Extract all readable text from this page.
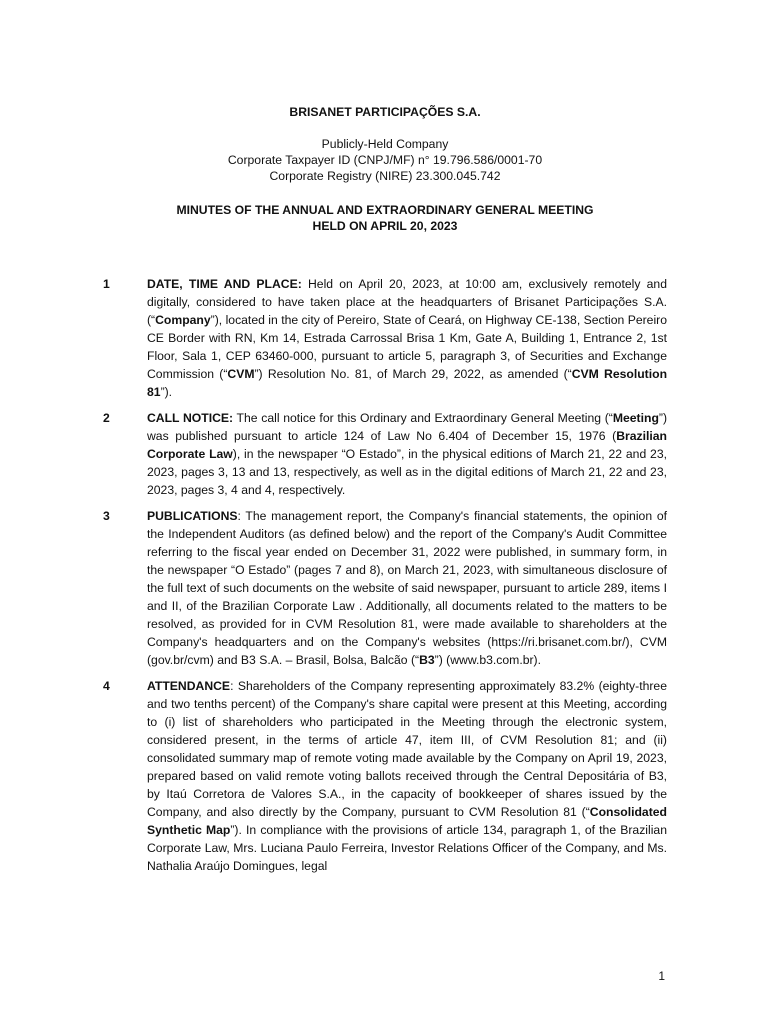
BRISANET PARTICIPAÇÕES S.A.
Publicly-Held Company
Corporate Taxpayer ID (CNPJ/MF) n° 19.796.586/0001-70
Corporate Registry (NIRE) 23.300.045.742
MINUTES OF THE ANNUAL AND EXTRAORDINARY GENERAL MEETING
HELD ON APRIL 20, 2023
1	DATE, TIME AND PLACE: Held on April 20, 2023, at 10:00 am, exclusively remotely and digitally, considered to have taken place at the headquarters of Brisanet Participações S.A. (“Company”), located in the city of Pereiro, State of Ceará, on Highway CE-138, Section Pereiro CE Border with RN, Km 14, Estrada Carrossal Brisa 1 Km, Gate A, Building 1, Entrance 2, 1st Floor, Sala 1, CEP 63460-000, pursuant to article 5, paragraph 3, of Securities and Exchange Commission (“CVM”) Resolution No. 81, of March 29, 2022, as amended (“CVM Resolution 81”).
2	CALL NOTICE: The call notice for this Ordinary and Extraordinary General Meeting (“Meeting”) was published pursuant to article 124 of Law No 6.404 of December 15, 1976 (Brazilian Corporate Law), in the newspaper “O Estado”, in the physical editions of March 21, 22 and 23, 2023, pages 3, 13 and 13, respectively, as well as in the digital editions of March 21, 22 and 23, 2023, pages 3, 4 and 4, respectively.
3	PUBLICATIONS: The management report, the Company's financial statements, the opinion of the Independent Auditors (as defined below) and the report of the Company's Audit Committee referring to the fiscal year ended on December 31, 2022 were published, in summary form, in the newspaper “O Estado” (pages 7 and 8), on March 21, 2023, with simultaneous disclosure of the full text of such documents on the website of said newspaper, pursuant to article 289, items I and II, of the Brazilian Corporate Law . Additionally, all documents related to the matters to be resolved, as provided for in CVM Resolution 81, were made available to shareholders at the Company's headquarters and on the Company's websites (https://ri.brisanet.com.br/), CVM (gov.br/cvm) and B3 S.A. – Brasil, Bolsa, Balcão (“B3”) (www.b3.com.br).
4	ATTENDANCE: Shareholders of the Company representing approximately 83.2% (eighty-three and two tenths percent) of the Company's share capital were present at this Meeting, according to (i) list of shareholders who participated in the Meeting through the electronic system, considered present, in the terms of article 47, item III, of CVM Resolution 81; and (ii) consolidated summary map of remote voting made available by the Company on April 19, 2023, prepared based on valid remote voting ballots received through the Central Depositária of B3, by Itaú Corretora de Valores S.A., in the capacity of bookkeeper of shares issued by the Company, and also directly by the Company, pursuant to CVM Resolution 81 (“Consolidated Synthetic Map”). In compliance with the provisions of article 134, paragraph 1, of the Brazilian Corporate Law, Mrs. Luciana Paulo Ferreira, Investor Relations Officer of the Company, and Ms. Nathalia Araújo Domingues, legal
1
